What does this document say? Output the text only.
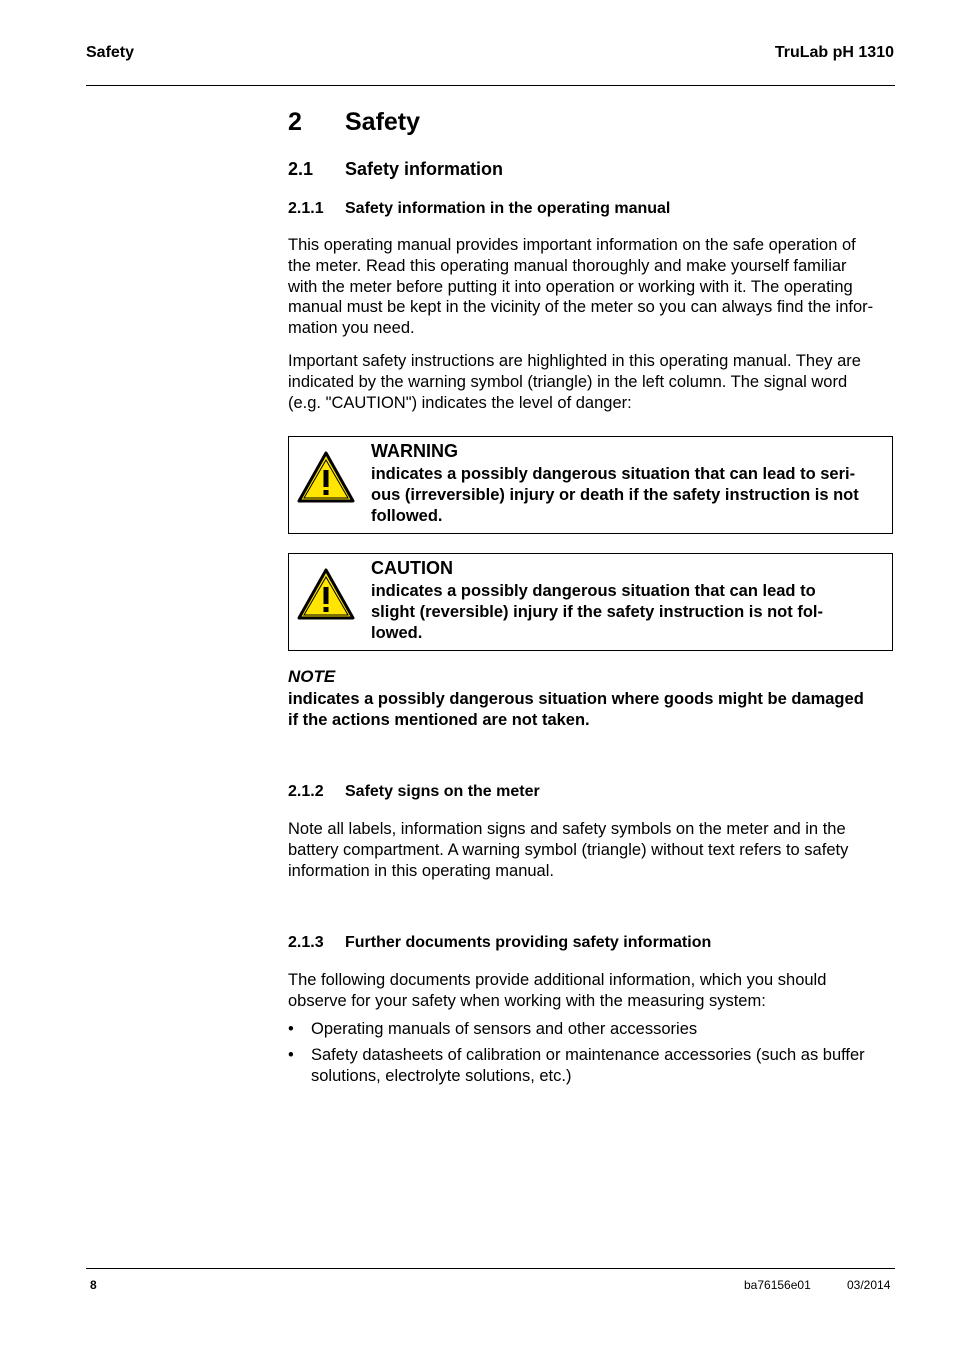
Safety	TruLab pH 1310
2 Safety
2.1 Safety information
2.1.1 Safety information in the operating manual
This operating manual provides important information on the safe operation of
the meter. Read this operating manual thoroughly and make yourself familiar
with the meter before putting it into operation or working with it. The operating
manual must be kept in the vicinity of the meter so you can always find the infor-
mation you need.
Important safety instructions are highlighted in this operating manual. They are
indicated by the warning symbol (triangle) in the left column. The signal word
(e.g. "CAUTION") indicates the level of danger:
WARNING
indicates a possibly dangerous situation that can lead to seri-
ous (irreversible) injury or death if the safety instruction is not
followed.
CAUTION
indicates a possibly dangerous situation that can lead to
slight (reversible) injury if the safety instruction is not fol-
lowed.
NOTE
indicates a possibly dangerous situation where goods might be damaged
if the actions mentioned are not taken.
2.1.2 Safety signs on the meter
Note all labels, information signs and safety symbols on the meter and in the
battery compartment. A warning symbol (triangle) without text refers to safety
information in this operating manual.
2.1.3 Further documents providing safety information
The following documents provide additional information, which you should
observe for your safety when working with the measuring system:
• Operating manuals of sensors and other accessories
• Safety datasheets of calibration or maintenance accessories (such as buffer
solutions, electrolyte solutions, etc.)
8	ba76156e01	03/2014
